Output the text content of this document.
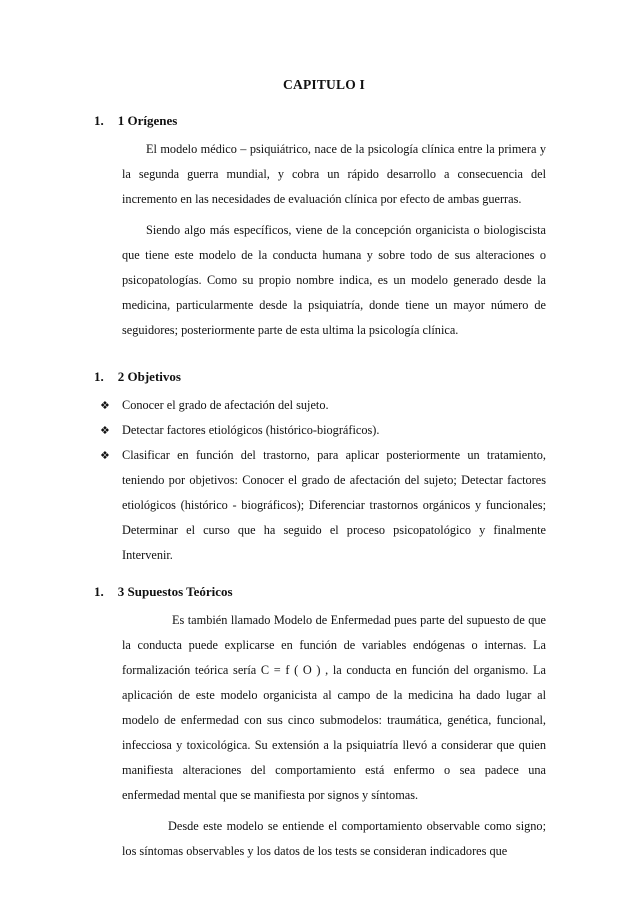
CAPITULO I
1. 1 Orígenes

El modelo médico – psiquiátrico, nace de la psicología clínica entre la primera y la segunda guerra mundial, y cobra un rápido desarrollo a consecuencia del incremento en las necesidades de evaluación clínica por efecto de ambas guerras.

Siendo algo más específicos, viene de la concepción organicista o biologiscista que tiene este modelo de la conducta humana y sobre todo de sus alteraciones o psicopatologías. Como su propio nombre indica, es un modelo generado desde la medicina, particularmente desde la psiquiatría, donde tiene un mayor número de seguidores; posteriormente parte de esta ultima la psicología clínica.

1. 2 Objetivos
❖ Conocer el grado de afectación del sujeto.
❖ Detectar factores etiológicos (histórico-biográficos).
❖ Clasificar en función del trastorno, para aplicar posteriormente un tratamiento, teniendo por objetivos: Conocer el grado de afectación del sujeto; Detectar factores etiológicos (histórico - biográficos); Diferenciar trastornos orgánicos y funcionales; Determinar el curso que ha seguido el proceso psicopatológico y finalmente Intervenir.
1. 3 Supuestos Teóricos

Es también llamado Modelo de Enfermedad pues parte del supuesto de que la conducta puede explicarse en función de variables endógenas o internas. La formalización teórica sería C = f ( O ) , la conducta en función del organismo. La aplicación de este modelo organicista al campo de la medicina ha dado lugar al modelo de enfermedad con sus cinco submodelos: traumática, genética, funcional, infecciosa y toxicológica. Su extensión a la psiquiatría llevó a considerar que quien manifiesta alteraciones del comportamiento está enfermo o sea padece una enfermedad mental que se manifiesta por signos y síntomas.

Desde este modelo se entiende el comportamiento observable como signo; los síntomas observables y los datos de los tests se consideran indicadores que
